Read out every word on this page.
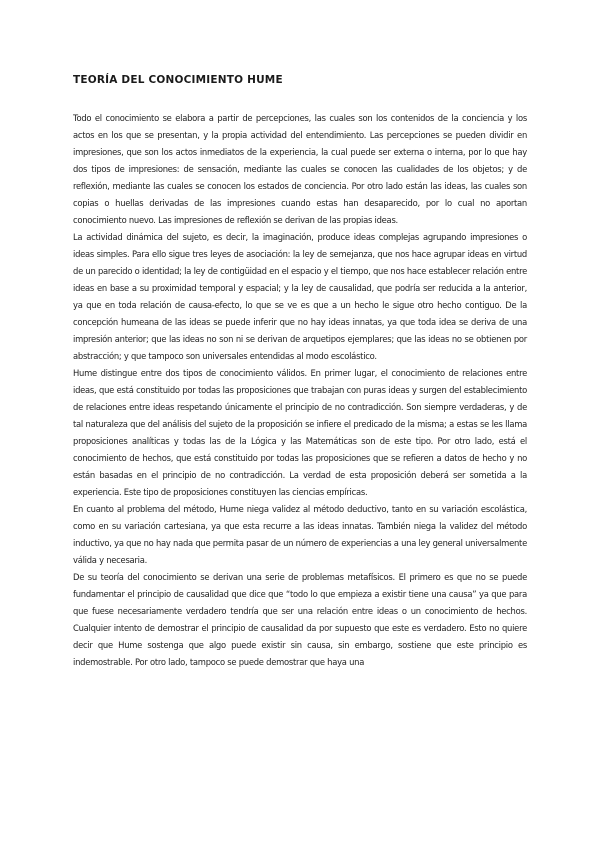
TEORÍA DEL CONOCIMIENTO HUME

Todo el conocimiento se elabora a partir de percepciones, las cuales son los contenidos de la conciencia y los actos en los que se presentan, y la propia actividad del entendimiento. Las percepciones se pueden dividir en impresiones, que son los actos inmediatos de la experiencia, la cual puede ser externa o interna, por lo que hay dos tipos de impresiones: de sensación, mediante las cuales se conocen las cualidades de los objetos; y de reflexión, mediante las cuales se conocen los estados de conciencia. Por otro lado están las ideas, las cuales son copias o huellas derivadas de las impresiones cuando estas han desaparecido, por lo cual no aportan conocimiento nuevo. Las impresiones de reflexión se derivan de las propias ideas.

La actividad dinámica del sujeto, es decir, la imaginación, produce ideas complejas agrupando impresiones o ideas simples. Para ello sigue tres leyes de asociación: la ley de semejanza, que nos hace agrupar ideas en virtud de un parecido o identidad; la ley de contigüidad en el espacio y el tiempo, que nos hace establecer relación entre ideas en base a su proximidad temporal y espacial; y la ley de causalidad, que podría ser reducida a la anterior, ya que en toda relación de causa-efecto, lo que se ve es que a un hecho le sigue otro hecho contiguo. De la concepción humeana de las ideas se puede inferir que no hay ideas innatas, ya que toda idea se deriva de una impresión anterior; que las ideas no son ni se derivan de arquetipos ejemplares; que las ideas no se obtienen por abstracción; y que tampoco son universales entendidas al modo escolástico.

Hume distingue entre dos tipos de conocimiento válidos. En primer lugar, el conocimiento de relaciones entre ideas, que está constituido por todas las proposiciones que trabajan con puras ideas y surgen del establecimiento de relaciones entre ideas respetando únicamente el principio de no contradicción. Son siempre verdaderas, y de tal naturaleza que del análisis del sujeto de la proposición se infiere el predicado de la misma; a estas se les llama proposiciones analíticas y todas las de la Lógica y las Matemáticas son de este tipo. Por otro lado, está el conocimiento de hechos, que está constituido por todas las proposiciones que se refieren a datos de hecho y no están basadas en el principio de no contradicción. La verdad de esta proposición deberá ser sometida a la experiencia. Este tipo de proposiciones constituyen las ciencias empíricas.

En cuanto al problema del método, Hume niega validez al método deductivo, tanto en su variación escolástica, como en su variación cartesiana, ya que esta recurre a las ideas innatas. También niega la validez del método inductivo, ya que no hay nada que permita pasar de un número de experiencias a una ley general universalmente válida y necesaria.

De su teoría del conocimiento se derivan una serie de problemas metafísicos. El primero es que no se puede fundamentar el principio de causalidad que dice que “todo lo que empieza a existir tiene una causa” ya que para que fuese necesariamente verdadero tendría que ser una relación entre ideas o un conocimiento de hechos. Cualquier intento de demostrar el principio de causalidad da por supuesto que este es verdadero. Esto no quiere decir que Hume sostenga que algo puede existir sin causa, sin embargo, sostiene que este principio es indemostrable. Por otro lado, tampoco se puede demostrar que haya una
